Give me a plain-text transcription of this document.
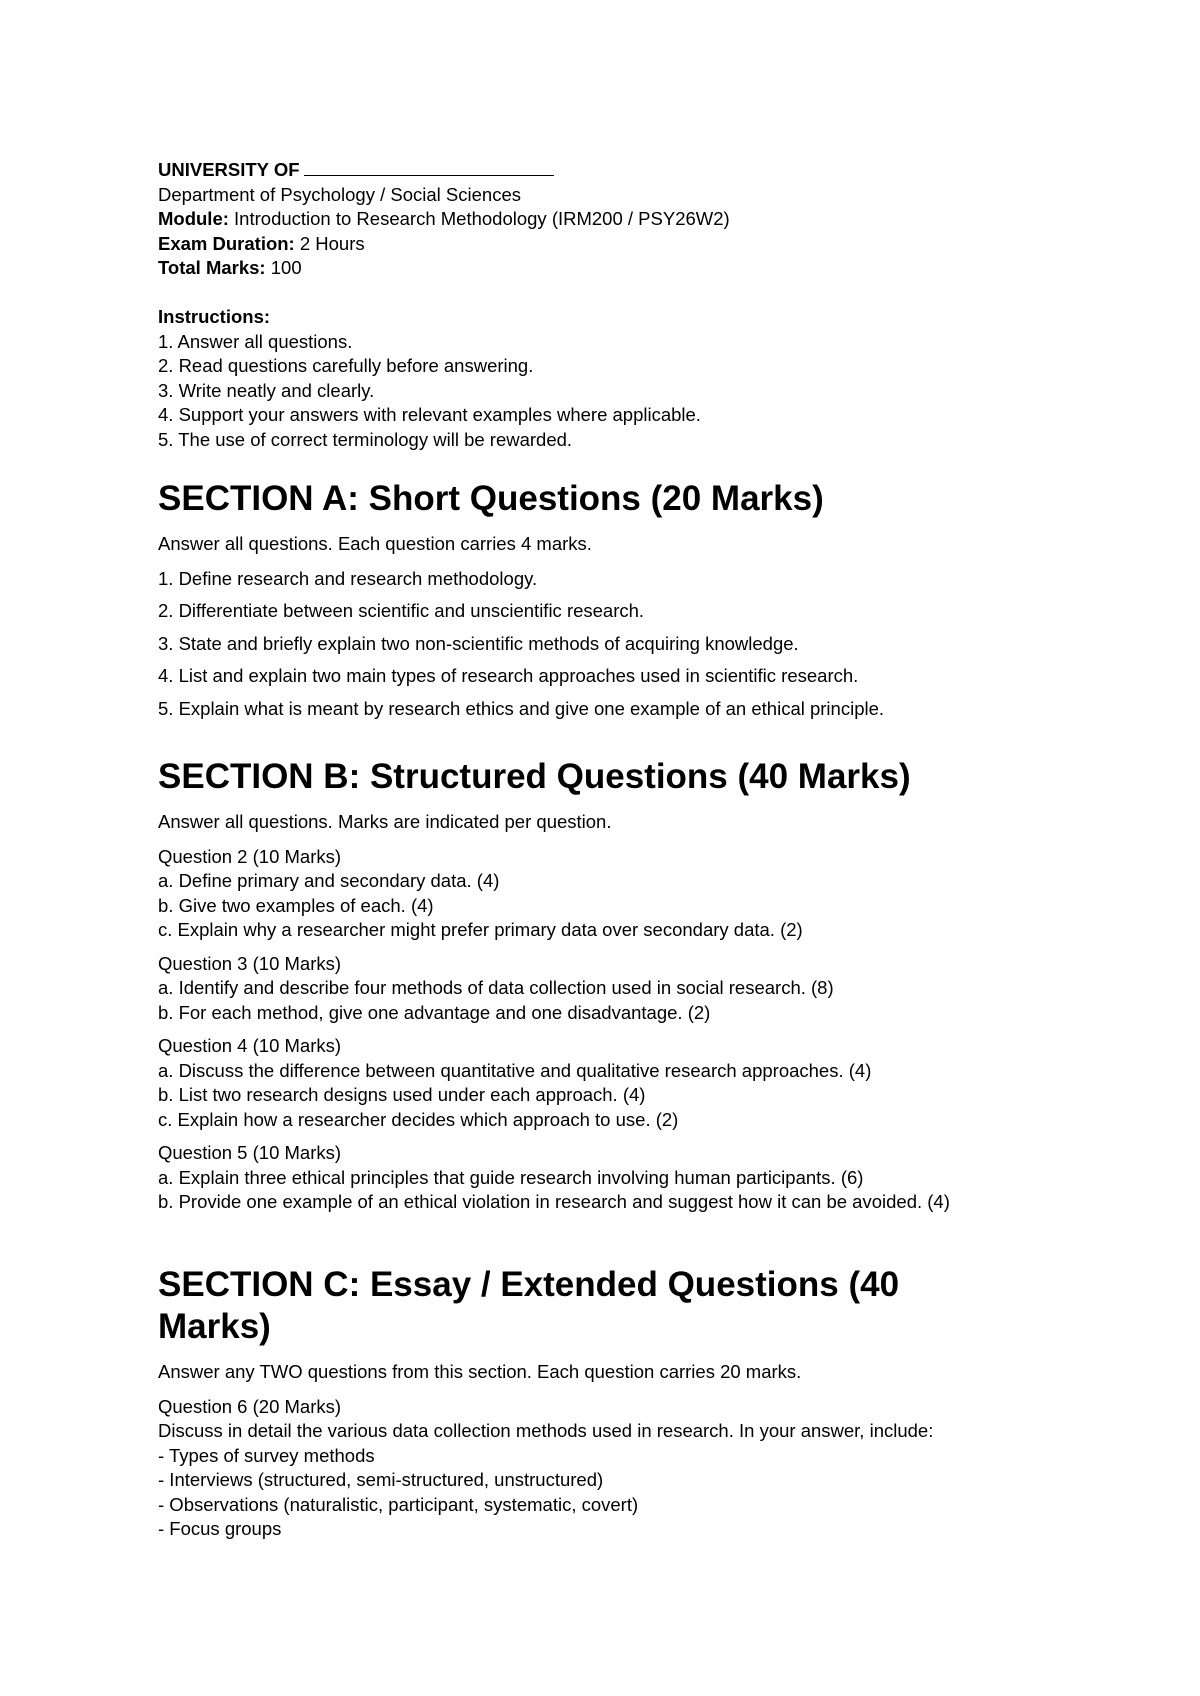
UNIVERSITY OF

Department of Psychology / Social Sciences

Module: Introduction to Research Methodology (IRM200 / PSY26W2)

Exam Duration: 2 Hours

Total Marks: 100

Instructions:

1. Answer all questions.

2. Read questions carefully before answering.

3. Write neatly and clearly.

4. Support your answers with relevant examples where applicable.

5. The use of correct terminology will be rewarded.

SECTION A: Short Questions (20 Marks)

Answer all questions. Each question carries 4 marks.

1. Define research and research methodology.

2. Differentiate between scientific and unscientific research.

3. State and briefly explain two non-scientific methods of acquiring knowledge.

4. List and explain two main types of research approaches used in scientific research.

5. Explain what is meant by research ethics and give one example of an ethical principle.

SECTION B: Structured Questions (40 Marks)

Answer all questions. Marks are indicated per question.

Question 2 (10 Marks)

a. Define primary and secondary data. (4)

b. Give two examples of each. (4)

c. Explain why a researcher might prefer primary data over secondary data. (2)

Question 3 (10 Marks)

a. Identify and describe four methods of data collection used in social research. (8)

b. For each method, give one advantage and one disadvantage. (2)

Question 4 (10 Marks)

a. Discuss the difference between quantitative and qualitative research approaches. (4)

b. List two research designs used under each approach. (4)

c. Explain how a researcher decides which approach to use. (2)

Question 5 (10 Marks)

a. Explain three ethical principles that guide research involving human participants. (6)

b. Provide one example of an ethical violation in research and suggest how it can be avoided. (4)

SECTION C: Essay / Extended Questions (40
Marks)

Answer any TWO questions from this section. Each question carries 20 marks.

Question 6 (20 Marks)

Discuss in detail the various data collection methods used in research. In your answer, include:

- Types of survey methods

- Interviews (structured, semi-structured, unstructured)

- Observations (naturalistic, participant, systematic, covert)

- Focus groups
